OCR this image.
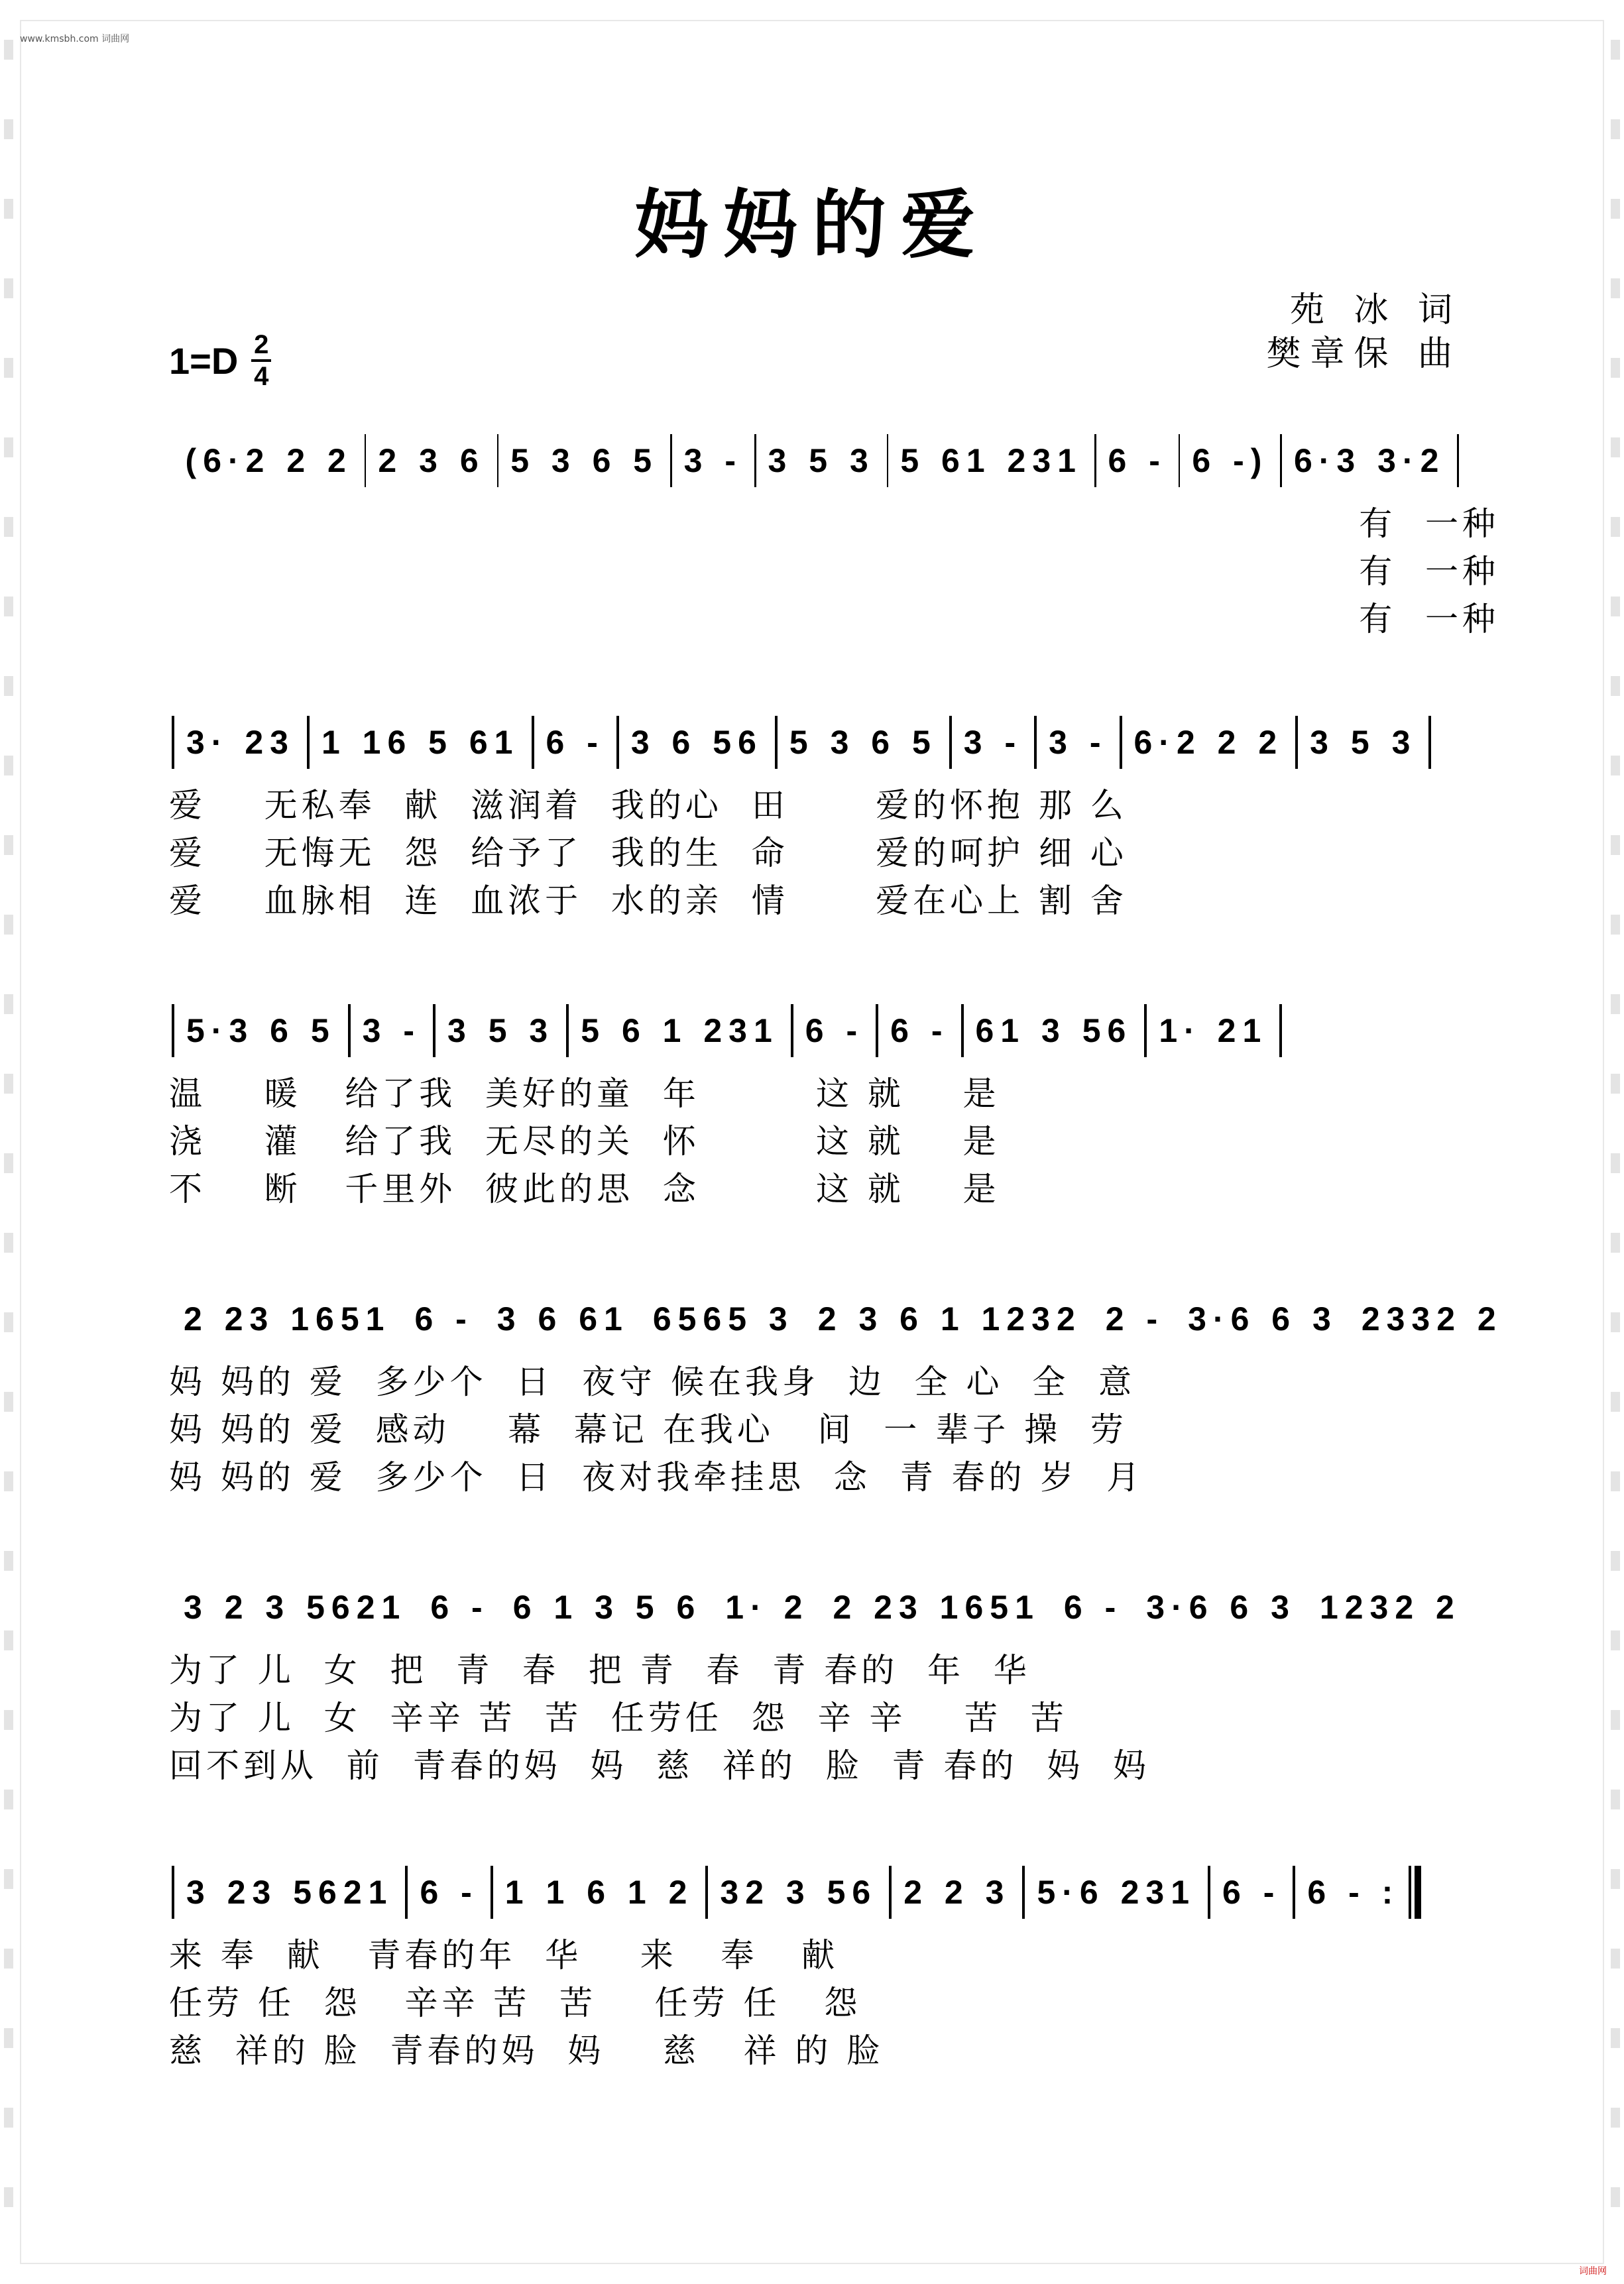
www.kmsbh.com 词曲网
词曲网
妈妈的爱
苑 冰 词
樊章保 曲
1=D 2
4
(6·2 2 2 2 3 6 5 3 6 5 3 - 3 5 3 5 61 231 6 - 6 -) 6·3 3·2
有  一种
有  一种
有  一种
3· 23 1 16 5 61 6 - 3 6 56 5 3 6 5 3 - 3 - 6·2 2 2 3 5 3
爱    无私奉  献  滋润着  我的心  田      爱的怀抱 那 么
爱    无悔无  怨  给予了  我的生  命      爱的呵护 细 心
爱    血脉相  连  血浓于  水的亲  情      爱在心上 割 舍
5·3 6 5 3 - 3 5 3 5 6 1 231 6 - 6 - 61 3 56 1· 21
温    暖   给了我  美好的童  年        这 就    是
浇    灌   给了我  无尽的关  怀        这 就    是
不    断   千里外  彼此的思  念        这 就    是
2 23 1651 6 - 3 6 61 6565 3 2 3 6 1 1232 2 - 3·6 6 3 2332 2
妈 妈的 爱  多少个  日  夜守 候在我身  边  全 心  全  意
妈 妈的 爱  感动    幕  幕记 在我心   间  一 辈子 操  劳
妈 妈的 爱  多少个  日  夜对我牵挂思  念  青 春的 岁  月
3 2 3 5621 6 - 6 1 3 5 6 1· 2 2 23 1651 6 - 3·6 6 3 1232 2
为了 儿  女  把  青  春  把 青  春  青 春的  年  华
为了 儿  女  辛辛 苦  苦  任劳任  怨  辛 辛    苦  苦
回不到从  前  青春的妈  妈  慈  祥的  脸  青 春的  妈  妈
3 23 5621 6 - 1 1 6 1 2 32 3 56 2 2 3 5·6 231 6 - 6 - :
来 奉  献   青春的年  华    来   奉   献
任劳 任  怨   辛辛 苦  苦    任劳 任   怨
慈  祥的 脸  青春的妈  妈    慈   祥 的 脸
